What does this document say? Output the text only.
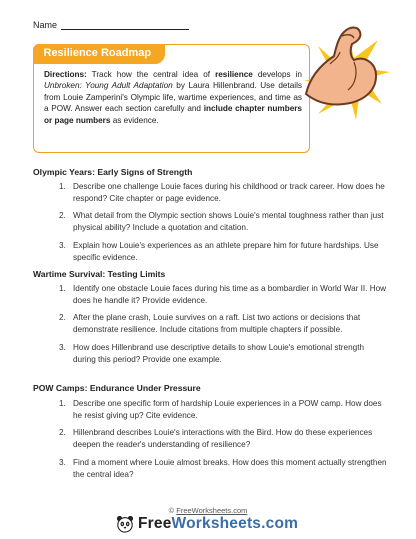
Name
Resilience Roadmap
Directions: Track how the central idea of resilience develops in Unbroken: Young Adult Adaptation by Laura Hillenbrand. Use details from Louie Zamperini's Olympic life, wartime experiences, and time as a POW. Answer each section carefully and include chapter numbers or page numbers as evidence.
Olympic Years: Early Signs of Strength
1. Describe one challenge Louie faces during his childhood or track career. How does he respond? Cite chapter or page evidence.
2. What detail from the Olympic section shows Louie's mental toughness rather than just physical ability? Include a quotation and citation.
3. Explain how Louie's experiences as an athlete prepare him for future hardships. Use specific evidence.
Wartime Survival: Testing Limits
1. Identify one obstacle Louie faces during his time as a bombardier in World War II. How does he handle it? Provide evidence.
2. After the plane crash, Louie survives on a raft. List two actions or decisions that demonstrate resilience. Include citations from multiple chapters if possible.
3. How does Hillenbrand use descriptive details to show Louie's emotional strength during this period? Provide one example.
POW Camps: Endurance Under Pressure
1. Describe one specific form of hardship Louie experiences in a POW camp. How does he resist giving up? Cite evidence.
2. Hillenbrand describes Louie's interactions with the Bird. How do these experiences deepen the reader's understanding of resilience?
3. Find a moment where Louie almost breaks. How does this moment actually strengthen the central idea?
© FreeWorksheets.com
FreeWorksheets.com
